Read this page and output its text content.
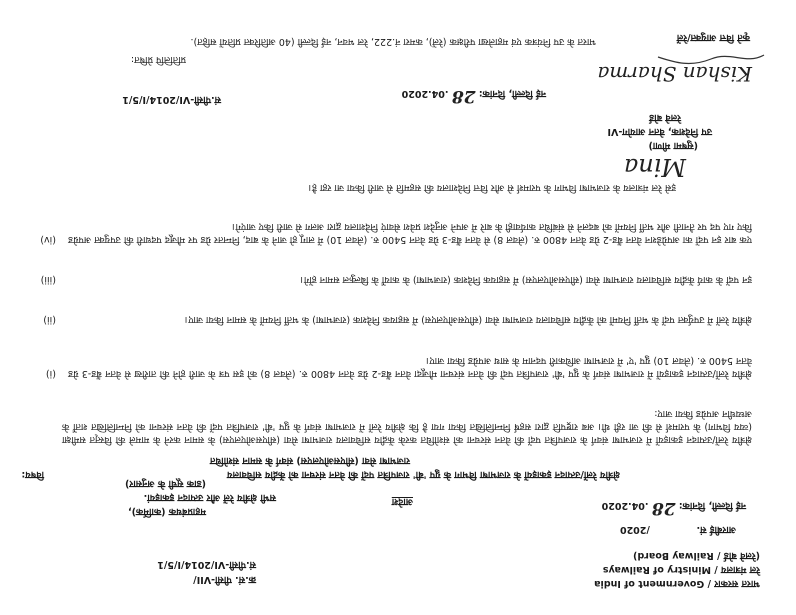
भारत सरकार / Government of India
रेल मंत्रालय / Ministry of Railways
(रेलवे बोर्ड / Railway Board)
क्र.सं. पीसी-VII/
सं.पीसी-VI/2014/I/5/1
आरबीई सं.  /2020
नई दिल्ली, दिनांक: 28 .04.2020
महाप्रबंधक (कार्मिक),
सभी क्षेत्रीय रेलें और उत्पादन इकाइयां.
(डाक सूची के अनुसार)
आदेश
विषय:	क्षेत्रीय रेलों/उत्पादन इकाइयों के राजभाषा विभाग के ग्रुप 'बी' राजपत्रित पदों की वेतन संरचना को केंद्रीय सचिवालय
राजभाषा सेवा (सीएसओएलएस) संवर्ग के समान संशोधित
क्षेत्रीय रेलों/उत्पादन इकाइयों में राजभाषा संवर्ग के राजपत्रित पदों की वेतन संरचना को संशोधित करके केंद्रीय सचिवालय राजभाषा सेवा (सीएसओएलएस) के समान करने के मामले की विस्तृत समीक्षा (व्यय विभाग) के परामर्श से की जा रही थी। अब राष्ट्रपति द्वारा सहर्ष निम्नलिखित किया गया है कि क्षेत्रीय रेलों में राजभाषा संवर्ग के ग्रुप 'बी' राजपत्रित पदों की वेतन संरचना को निम्नलिखित शर्तों के अध्यधीन अपग्रेड किया जाए:
(i) क्षेत्रीय रेलों/उत्पादन इकाइयों में राजभाषा संवर्ग के ग्रुप 'बी' राजपत्रित पदों की वेतन संरचना मौजूदा वेतन बैंड-2 ग्रेड वेतन 4800 रु. (लेवल 8) को इस पत्र के जारी होने की तारीख से वेतन बैंड-3 ग्रेड वेतन 5400 रु. (लेवल 10) ग्रुप 'ए' में राजभाषा अधिकारी पदनाम के साथ अपग्रेड किया जाए।
(ii)	क्षेत्रीय रेलों में उपर्युक्त पदों के भर्ती नियमों को केंद्रीय सचिवालय राजभाषा सेवा (सीएसओएलएस) में सहायक निदेशक (राजभाषा) के भर्ती नियमों के समान किया जाए।
(iii)	इन पदों के कार्य केंद्रीय सचिवालय राजभाषा सेवा (सीएसओएलएस) में सहायक निदेशक (राजभाषा) के कार्यों के बिल्कुल समान होंगे।
(iv) एक बार इन पदों का अपग्रेडेशन वेतन बैंड-2 ग्रेड वेतन 4800 रु. (लेवल 8) से वेतन बैंड-3 ग्रेड वेतन 5400 रु. (लेवल 10) में लागू हो जाने के बाद, निम्नतर ग्रेड पर मौजूद पदधारी की उपयुक्त अपग्रेड किए गए पद पर तैनाती और भर्ती नियमों को बदलने से संबंधित कार्यवाही के बारे में अपने अनुदेश प्रवेश सेवाएं निदेशालय द्वारा अलग से जारी किए जाएंगे।
इसे रेल मंत्रालय के राजभाषा विभाग के परामर्श से और वित्त निदेशालय की सहमति से जारी किया जा रहा है।
Mina
(सुषमा मीणा)
उप निदेशक, वेतन आयोग-VI
रेलवे बोर्ड
सं.पीसी-VI/2014/I/5/1
नई दिल्ली, दिनांक: 28 .04.2020
प्रतिलिपि प्रेषित:
भारत के उप नियंत्रक एवं महालेखा परीक्षक (रेलें), कमरा नं.222, रेल भवन, नई दिल्ली (40 अतिरिक्त प्रतियों सहित).
Kishan Sharma
कृते वित्त आयुक्त/रेलें
